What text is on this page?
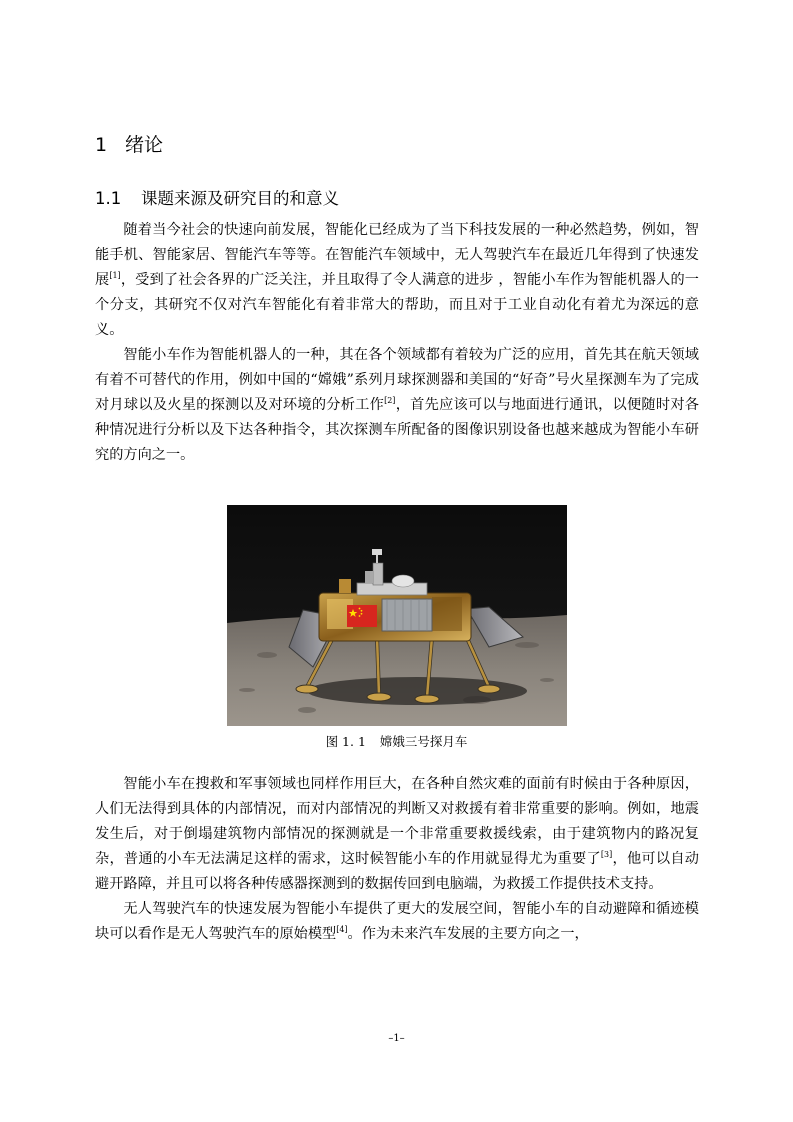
1 绪论
1.1 课题来源及研究目的和意义

随着当今社会的快速向前发展，智能化已经成为了当下科技发展的一种必然趋势，例如，智能手机、智能家居、智能汽车等等。在智能汽车领域中，无人驾驶汽车在最近几年得到了快速发展[1]，受到了社会各界的广泛关注，并且取得了令人满意的进步 ，智能小车作为智能机器人的一个分支，其研究不仅对汽车智能化有着非常大的帮助，而且对于工业自动化有着尤为深远的意义。

智能小车作为智能机器人的一种，其在各个领域都有着较为广泛的应用，首先其在航天领域有着不可替代的作用，例如中国的“嫦娥”系列月球探测器和美国的“好奇”号火星探测车为了完成对月球以及火星的探测以及对环境的分析工作[2]，首先应该可以与地面进行通讯，以便随时对各种情况进行分析以及下达各种指令，其次探测车所配备的图像识别设备也越来越成为智能小车研究的方向之一。

图 1. 1 嫦娥三号探月车

智能小车在搜救和军事领域也同样作用巨大，在各种自然灾难的面前有时候由于各种原因，人们无法得到具体的内部情况，而对内部情况的判断又对救援有着非常重要的影响。例如，地震发生后，对于倒塌建筑物内部情况的探测就是一个非常重要救援线索，由于建筑物内的路况复杂，普通的小车无法满足这样的需求，这时候智能小车的作用就显得尤为重要了[3]，他可以自动避开路障，并且可以将各种传感器探测到的数据传回到电脑端，为救援工作提供技术支持。

无人驾驶汽车的快速发展为智能小车提供了更大的发展空间，智能小车的自动避障和循迹模块可以看作是无人驾驶汽车的原始模型[4]。作为未来汽车发展的主要方向之一，

–1–
